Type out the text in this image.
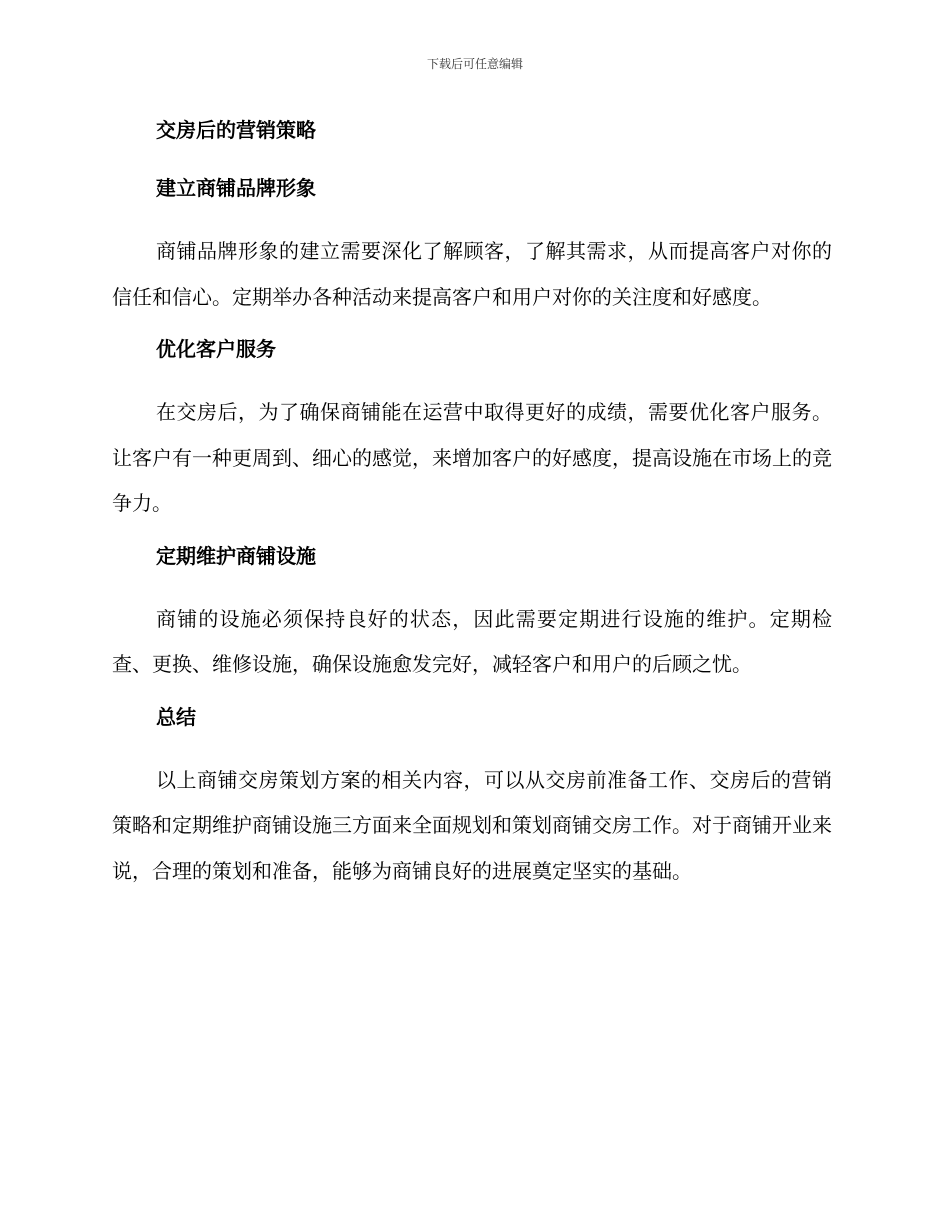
下载后可任意编辑
交房后的营销策略
建立商铺品牌形象
商铺品牌形象的建立需要深化了解顾客，了解其需求，从而提高客户对你的信任和信心。定期举办各种活动来提高客户和用户对你的关注度和好感度。
优化客户服务
在交房后，为了确保商铺能在运营中取得更好的成绩，需要优化客户服务。让客户有一种更周到、细心的感觉，来增加客户的好感度，提高设施在市场上的竞争力。
定期维护商铺设施
商铺的设施必须保持良好的状态，因此需要定期进行设施的维护。定期检查、更换、维修设施，确保设施愈发完好，减轻客户和用户的后顾之忧。
总结
以上商铺交房策划方案的相关内容，可以从交房前准备工作、交房后的营销策略和定期维护商铺设施三方面来全面规划和策划商铺交房工作。对于商铺开业来说，合理的策划和准备，能够为商铺良好的进展奠定坚实的基础。
